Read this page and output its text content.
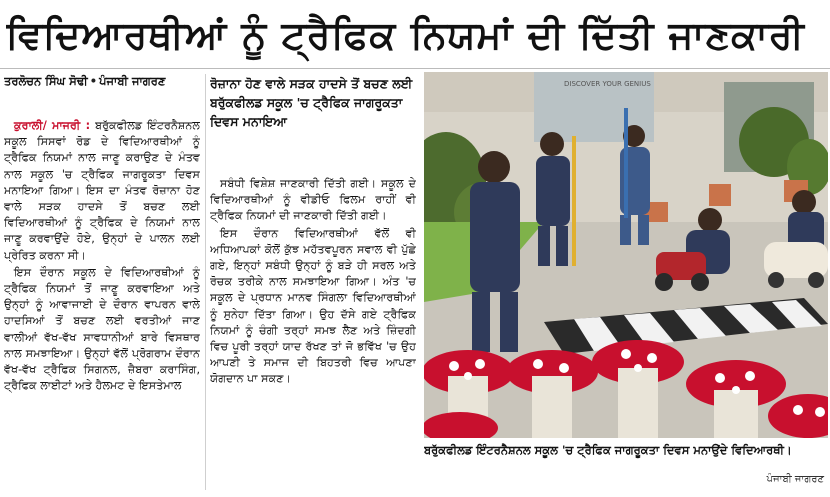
ਵਿਦਿਆਰਥੀਆਂ ਨੂੰ ਟ੍ਰੈਫਿਕ ਨਿਯਮਾਂ ਦੀ ਦਿੱਤੀ ਜਾਣਕਾਰੀ
ਤਰਲੋਚਨ ਸਿੰਘ ਸੋਢੀ • ਪੰਜਾਬੀ ਜਾਗਰਣ

ਕੁਰਾਲੀ/ ਮਾਜਰੀ : ਬਰੁੱਕਫੀਲਡ ਇੰਟਰਨੈਸ਼ਨਲ ਸਕੂਲ ਸਿਸਵਾਂ ਰੋਡ ਦੇ ਵਿਦਿਆਰਥੀਆਂ ਨੂੰ ਟ੍ਰੈਫਿਕ ਨਿਯਮਾਂ ਨਾਲ ਜਾਣੂ ਕਰਾਉਣ ਦੇ ਮੰਤਵ ਨਾਲ ਸਕੂਲ 'ਚ ਟ੍ਰੈਫਿਕ ਜਾਗਰੂਕਤਾ ਦਿਵਸ ਮਨਾਇਆ ਗਿਆ। ਇਸ ਦਾ ਮੰਤਵ ਰੋਜ਼ਾਨਾ ਹੋਣ ਵਾਲੇ ਸੜਕ ਹਾਦਸੇ ਤੋਂ ਬਚਣ ਲਈ ਵਿਦਿਆਰਥੀਆਂ ਨੂੰ ਟ੍ਰੈਫਿਕ ਦੇ ਨਿਯਮਾਂ ਨਾਲ ਜਾਣੂ ਕਰਵਾਉਂਦੇ ਹੋਏ, ਉਨ੍ਹਾਂ ਦੇ ਪਾਲਨ ਲਈ ਪ੍ਰੇਰਿਤ ਕਰਨਾ ਸੀ।

ਇਸ ਦੌਰਾਨ ਸਕੂਲ ਦੇ ਵਿਦਿਆਰਥੀਆਂ ਨੂੰ ਟ੍ਰੈਫਿਕ ਨਿਯਮਾਂ ਤੋਂ ਜਾਣੂ ਕਰਵਾਇਆ ਅਤੇ ਉਨ੍ਹਾਂ ਨੂੰ ਆਵਾਜਾਈ ਦੇ ਦੌਰਾਨ ਵਾਪਰਨ ਵਾਲੇ ਹਾਦਸਿਆਂ ਤੋਂ ਬਚਣ ਲਈ ਵਰਤੀਆਂ ਜਾਣ ਵਾਲੀਆਂ ਵੱਖ-ਵੱਖ ਸਾਵਧਾਨੀਆਂ ਬਾਰੇ ਵਿਸਥਾਰ ਨਾਲ ਸਮਝਾਇਆ। ਉਨ੍ਹਾਂ ਵੱਲੋਂ ਪ੍ਰੋਗਰਾਮ ਦੌਰਾਨ ਵੱਖ-ਵੱਖ ਟ੍ਰੈਫਿਕ ਸਿਗਨਲ, ਜ਼ੈਬਰਾ ਕਰਾਸਿੰਗ, ਟ੍ਰੈਫਿਕ ਲਾਈਟਾਂ ਅਤੇ ਹੈਲਮਟ ਦੇ ਇਸਤੇਮਾਲ

ਰੋਜ਼ਾਨਾ ਹੋਣ ਵਾਲੇ ਸੜਕ ਹਾਦਸੇ ਤੋਂ ਬਚਣ ਲਈ ਬਰੁੱਕਫੀਲਡ ਸਕੂਲ 'ਚ ਟ੍ਰੈਫਿਕ ਜਾਗਰੂਕਤਾ ਦਿਵਸ ਮਨਾਇਆ

ਸਬੰਧੀ ਵਿਸ਼ੇਸ਼ ਜਾਣਕਾਰੀ ਦਿੱਤੀ ਗਈ। ਸਕੂਲ ਦੇ ਵਿਦਿਆਰਥੀਆਂ ਨੂੰ ਵੀਡੀਓ ਫਿਲਮ ਰਾਹੀਂ ਵੀ ਟ੍ਰੈਫਿਕ ਨਿਯਮਾਂ ਦੀ ਜਾਣਕਾਰੀ ਦਿੱਤੀ ਗਈ।

ਇਸ ਦੌਰਾਨ ਵਿਦਿਆਰਥੀਆਂ ਵੱਲੋਂ ਵੀ ਅਧਿਆਪਕਾਂ ਕੋਲੋਂ ਕੁੱਝ ਮਹੱਤਵਪੂਰਨ ਸਵਾਲ ਵੀ ਪੁੱਛੇ ਗਏ, ਇਨ੍ਹਾਂ ਸਬੰਧੀ ਉਨ੍ਹਾਂ ਨੂੰ ਬੜੇ ਹੀ ਸਰਲ ਅਤੇ ਰੋਚਕ ਤਰੀਕੇ ਨਾਲ ਸਮਝਾਇਆ ਗਿਆ। ਅੰਤ 'ਚ ਸਕੂਲ ਦੇ ਪ੍ਰਧਾਨ ਮਾਨਵ ਸਿੰਗਲਾ ਵਿਦਿਆਰਥੀਆਂ ਨੂੰ ਸੁਨੇਹਾ ਦਿੱਤਾ ਗਿਆ। ਉਹ ਦੱਸੇ ਗਏ ਟ੍ਰੈਫਿਕ ਨਿਯਮਾਂ ਨੂੰ ਚੰਗੀ ਤਰ੍ਹਾਂ ਸਮਝ ਲੈਣ ਅਤੇ ਜ਼ਿੰਦਗੀ ਵਿਚ ਪੂਰੀ ਤਰ੍ਹਾਂ ਯਾਦ ਰੱਖਣ ਤਾਂ ਜੋ ਭਵਿੱਖ 'ਚ ਉਹ ਆਪਣੀ ਤੇ ਸਮਾਜ ਦੀ ਬਿਹਤਰੀ ਵਿਚ ਆਪਣਾ ਯੋਗਦਾਨ ਪਾ ਸਕਣ।

DISCOVER YOUR GENIUS
ਬਰੁੱਕਫੀਲਡ ਇੰਟਰਨੈਸ਼ਨਲ ਸਕੂਲ 'ਚ ਟ੍ਰੈਫਿਕ ਜਾਗਰੂਕਤਾ ਦਿਵਸ ਮਨਾਉਂਦੇ ਵਿਦਿਆਰਥੀ।
ਪੰਜਾਬੀ ਜਾਗਰਣ
